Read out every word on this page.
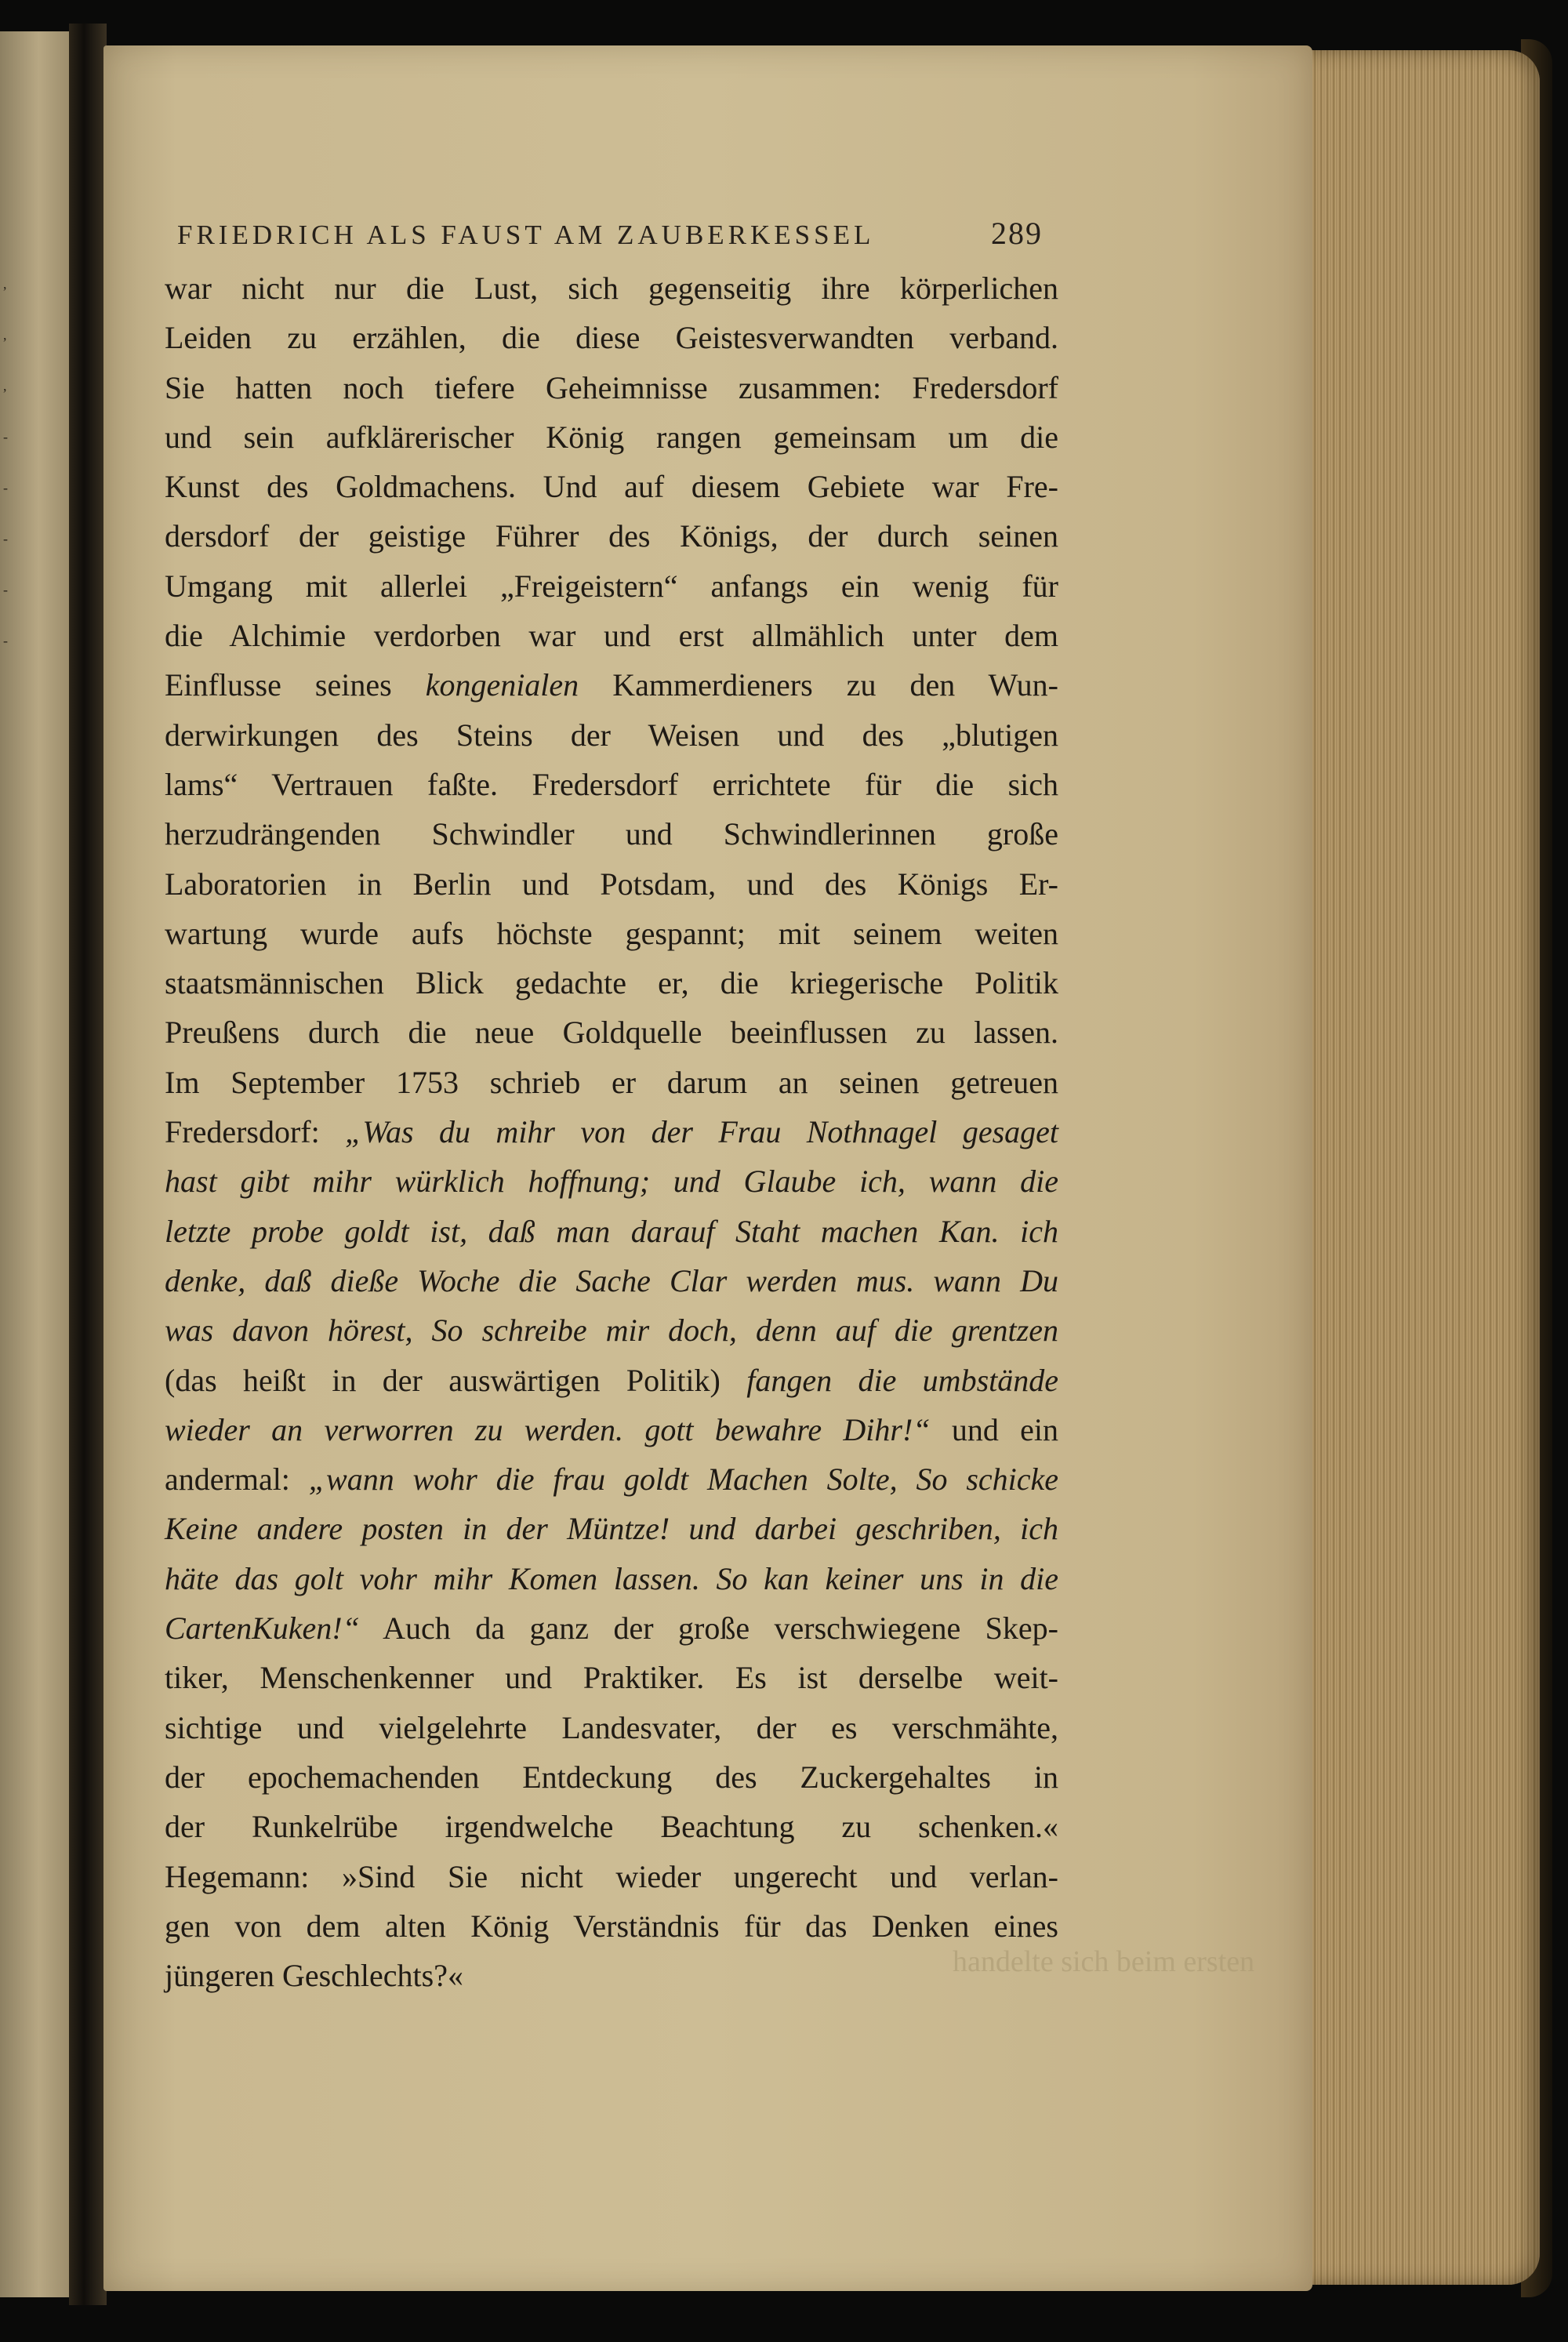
,
,
,
-
-
-
-
-
FRIEDRICH ALS FAUST AM ZAUBERKESSEL	289
war nicht nur die Lust, sich gegenseitig ihre körperlichen
Leiden zu erzählen, die diese Geistesverwandten verband.
Sie hatten noch tiefere Geheimnisse zusammen: Fredersdorf
und sein aufklärerischer König rangen gemeinsam um die
Kunst des Goldmachens. Und auf diesem Gebiete war Fre-
dersdorf der geistige Führer des Königs, der durch seinen
Umgang mit allerlei „Freigeistern“ anfangs ein wenig für
die Alchimie verdorben war und erst allmählich unter dem
Einflusse seines kongenialen Kammerdieners zu den Wun-
derwirkungen des Steins der Weisen und des „blutigen
lams“ Vertrauen faßte. Fredersdorf errichtete für die sich
herzudrängenden Schwindler und Schwindlerinnen große
Laboratorien in Berlin und Potsdam, und des Königs Er-
wartung wurde aufs höchste gespannt; mit seinem weiten
staatsmännischen Blick gedachte er, die kriegerische Politik
Preußens durch die neue Goldquelle beeinflussen zu lassen.
Im September 1753 schrieb er darum an seinen getreuen
Fredersdorf: „Was du mihr von der Frau Nothnagel gesaget
hast gibt mihr würklich hoffnung; und Glaube ich, wann die
letzte probe goldt ist, daß man darauf Staht machen Kan. ich
denke, daß dieße Woche die Sache Clar werden mus. wann Du
was davon hörest, So schreibe mir doch, denn auf die grentzen
(das heißt in der auswärtigen Politik) fangen die umbstände
wieder an verworren zu werden. gott bewahre Dihr!“ und ein
andermal: „wann wohr die frau goldt Machen Solte, So schicke
Keine andere posten in der Müntze! und darbei geschriben, ich
häte das golt vohr mihr Komen lassen. So kan keiner uns in die
CartenKuken!“ Auch da ganz der große verschwiegene Skep-
tiker, Menschenkenner und Praktiker. Es ist derselbe weit-
sichtige und vielgelehrte Landesvater, der es verschmähte,
der epochemachenden Entdeckung des Zuckergehaltes in
der Runkelrübe irgendwelche Beachtung zu schenken.«
Hegemann: »Sind Sie nicht wieder ungerecht und verlan-
gen von dem alten König Verständnis für das Denken eines
jüngeren Geschlechts?«	handelte sich beim ersten
